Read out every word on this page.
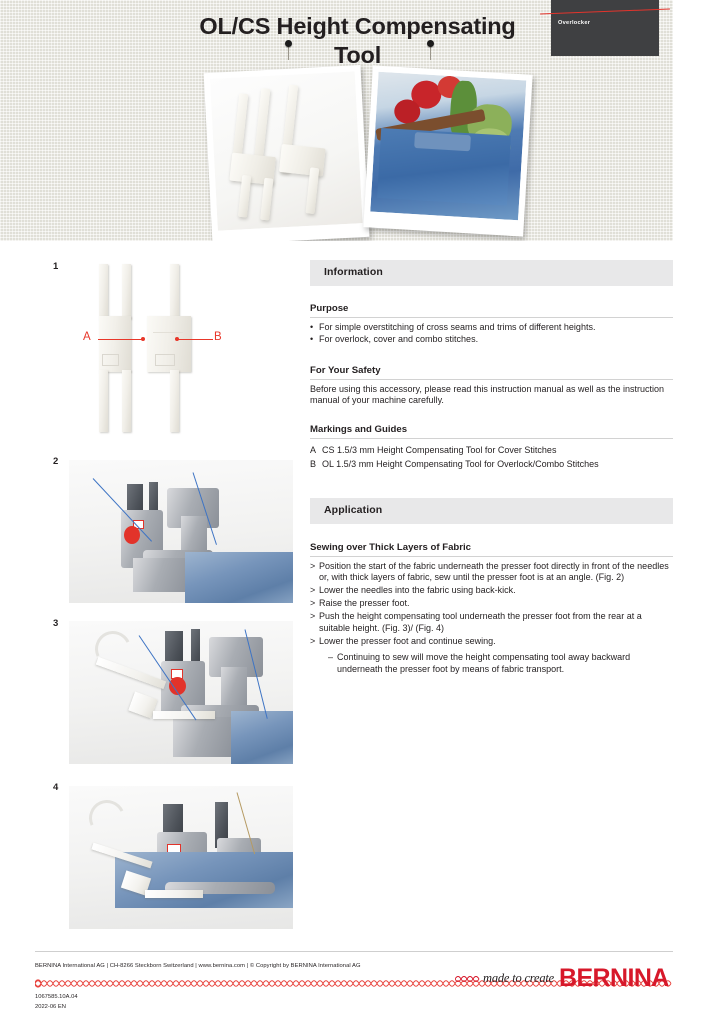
OL/CS Height Compensating Tool
Overlocker
1
A	B
2
3
4
Information
Purpose
• For simple overstitching of cross seams and trims of different heights.
• For overlock, cover and combo stitches.
For Your Safety
Before using this accessory, please read this instruction manual as well as the instruction manual of your machine carefully.
Markings and Guides
A CS 1.5/3 mm Height Compensating Tool for Cover Stitches
B OL 1.5/3 mm Height Compensating Tool for Overlock/Combo Stitches
Application
Sewing over Thick Layers of Fabric
> Position the start of the fabric underneath the presser foot directly in front of the needles or, with thick layers of fabric, sew until the presser foot is at an angle. (Fig. 2)
> Lower the needles into the fabric using back-kick.
> Raise the presser foot.
> Push the height compensating tool underneath the presser foot from the rear at a suitable height. (Fig. 3)/ (Fig. 4)
> Lower the presser foot and continue sewing.
– Continuing to sew will move the height compensating tool away backward underneath the presser foot by means of fabric transport.
BERNINA International AG | CH-8266 Steckborn Switzerland | www.bernina.com | © Copyright by BERNINA International AG
1067585.10A.04
2022-06 EN
made to create BERNINA
